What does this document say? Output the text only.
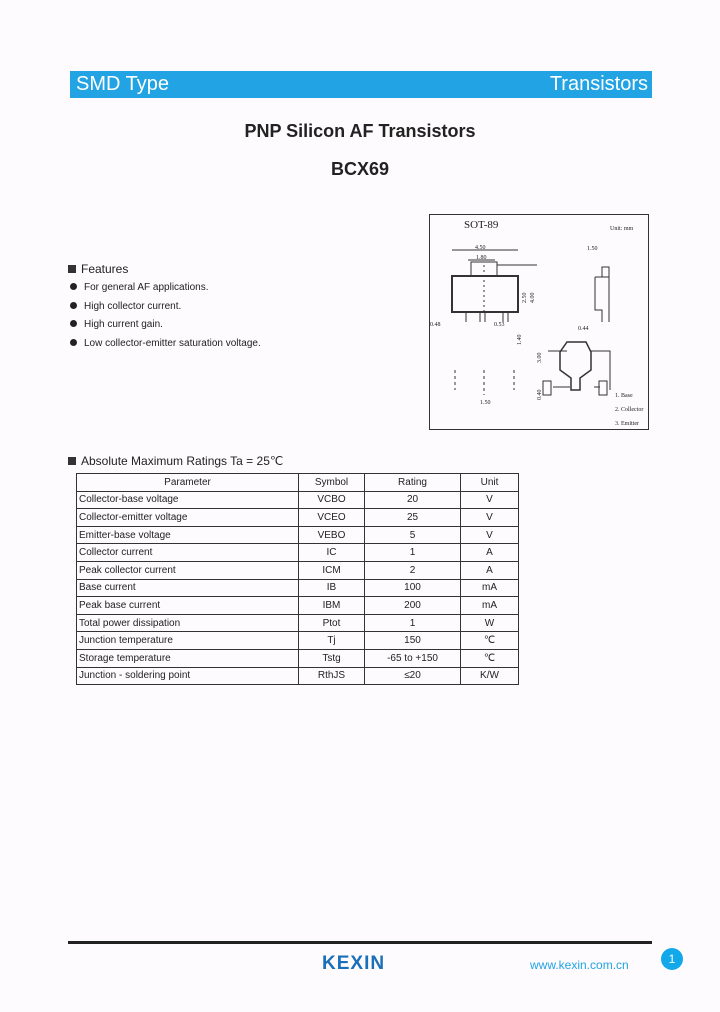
SMD Type	Transistors
PNP Silicon AF Transistors
BCX69
Features
For general AF applications.
High collector current.
High current gain.
Low collector-emitter saturation voltage.
SOT-89	Unit: mm
4.50
1.80
0.48	0.53
1.50
0.44
1.50
1. Base
2. Collector
3. Emitter
2.50 4.00
1.40
3.00
0.40
Absolute Maximum Ratings Ta = 25℃
Parameter	Symbol	Rating	Unit
Collector-base voltage	VCBO	20	V
Collector-emitter voltage	VCEO	25	V
Emitter-base voltage	VEBO	5	V
Collector current	IC	1	A
Peak collector current	ICM	2	A
Base current	IB	100	mA
Peak base current	IBM	200	mA
Total power dissipation	Ptot	1	W
Junction temperature	Tj	150	℃
Storage temperature	Tstg	-65 to +150	℃
Junction - soldering point	RthJS	≤20	K/W
KEXIN	www.kexin.com.cn	1
